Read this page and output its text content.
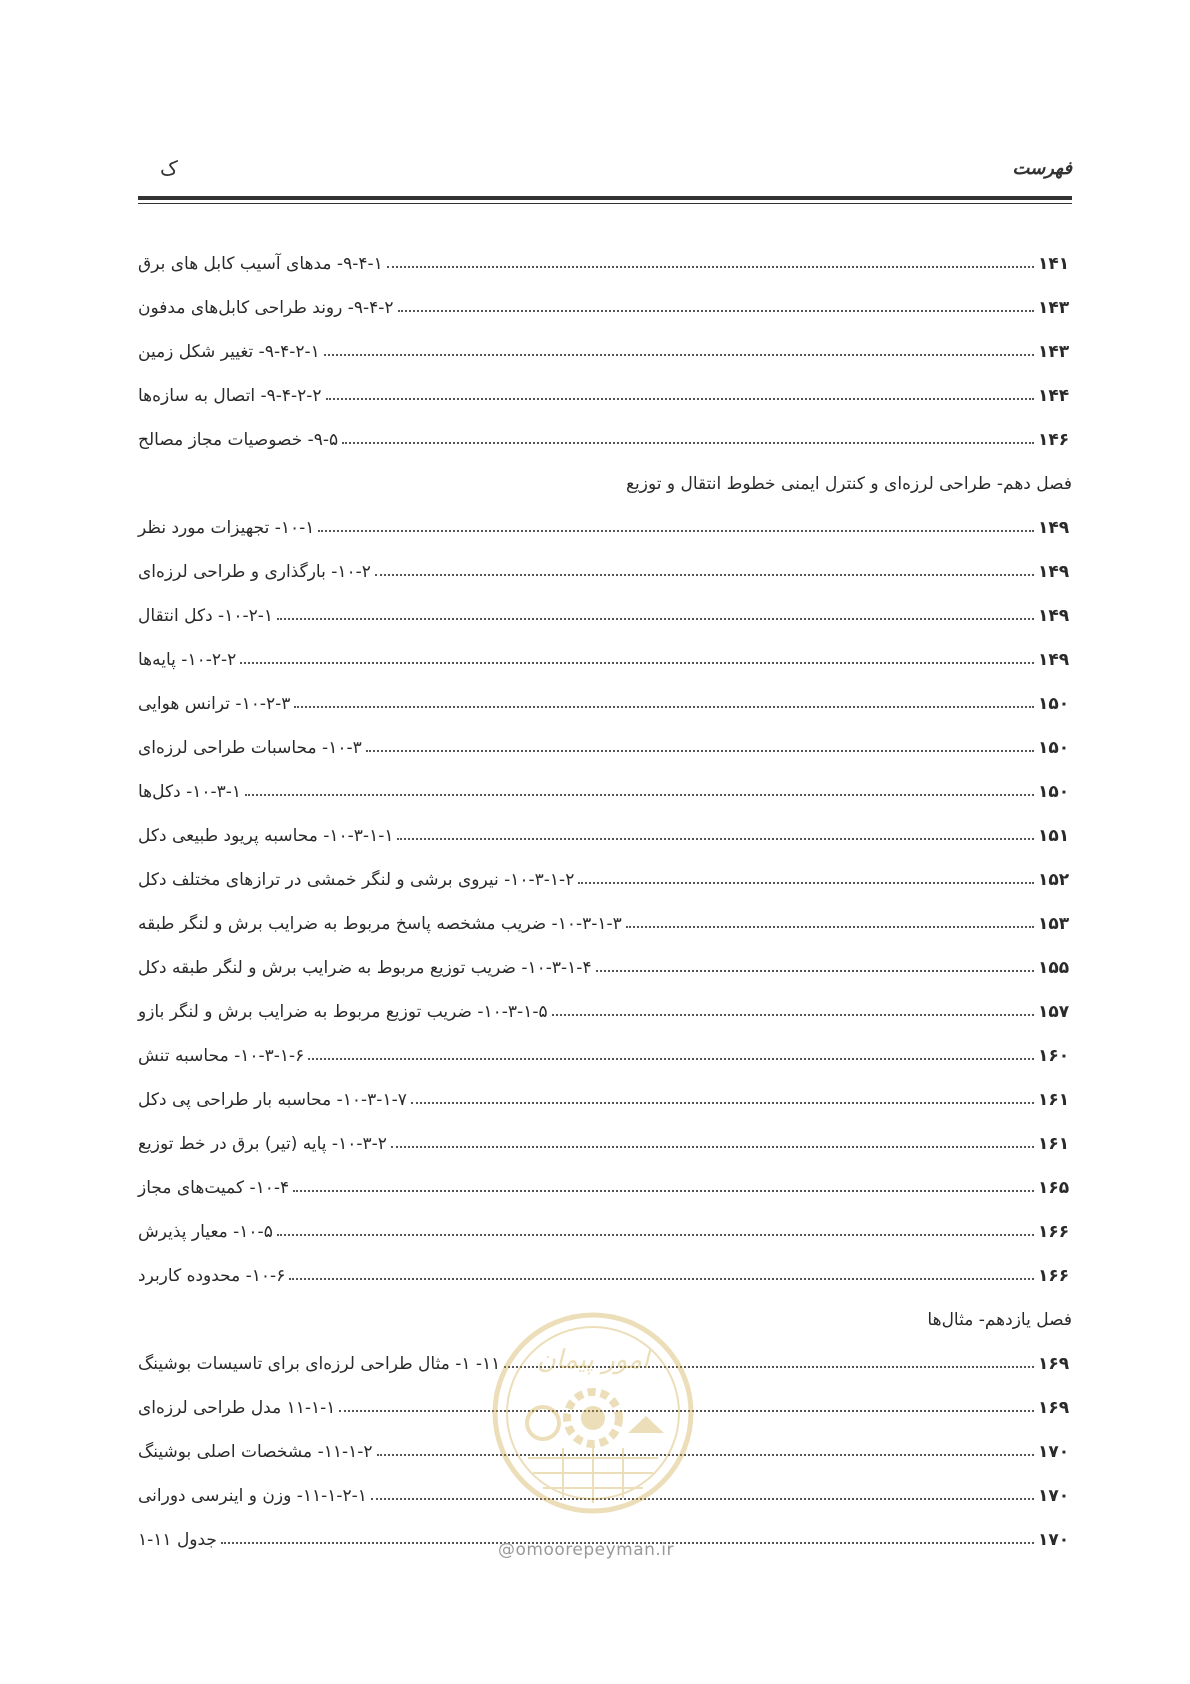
فهرست
ک
۹-۴-۱- مدهای آسیب کابل های برق	۱۴۱
۹-۴-۲- روند طراحی کابل‌های مدفون	۱۴۳
۹-۴-۲-۱- تغییر شکل زمین	۱۴۳
۹-۴-۲-۲- اتصال به سازه‌ها	۱۴۴
۹-۵- خصوصیات مجاز مصالح	۱۴۶
فصل دهم- طراحی لرزه‌ای و کنترل ایمنی خطوط انتقال و توزیع
۱۰-۱- تجهیزات مورد نظر	۱۴۹
۱۰-۲- بارگذاری و طراحی لرزه‌ای	۱۴۹
۱۰-۲-۱- دکل انتقال	۱۴۹
۱۰-۲-۲- پایه‌ها	۱۴۹
۱۰-۲-۳- ترانس هوایی	۱۵۰
۱۰-۳- محاسبات طراحی لرزه‌ای	۱۵۰
۱۰-۳-۱- دکل‌ها	۱۵۰
۱۰-۳-۱-۱- محاسبه پریود طبیعی دکل	۱۵۱
۱۰-۳-۱-۲- نیروی برشی و لنگر خمشی در ترازهای مختلف دکل	۱۵۲
۱۰-۳-۱-۳- ضریب مشخصه پاسخ مربوط به ضرایب برش و لنگر طبقه	۱۵۳
۱۰-۳-۱-۴- ضریب توزیع مربوط به ضرایب برش و لنگر طبقه دکل	۱۵۵
۱۰-۳-۱-۵- ضریب توزیع مربوط به ضرایب برش و لنگر بازو	۱۵۷
۱۰-۳-۱-۶- محاسبه تنش	۱۶۰
۱۰-۳-۱-۷- محاسبه بار طراحی پی دکل	۱۶۱
۱۰-۳-۲- پایه (تیر) برق در خط توزیع	۱۶۱
۱۰-۴- کمیت‌های مجاز	۱۶۵
۱۰-۵- معیار پذیرش	۱۶۶
۱۰-۶- محدوده کاربرد	۱۶۶
فصل یازدهم- مثال‌ها
۱۱- ۱- مثال طراحی لرزه‌ای برای تاسیسات بوشینگ	۱۶۹
۱۱-۱-۱ مدل طراحی لرزه‌ای	۱۶۹
۱۱-۱-۲- مشخصات اصلی بوشینگ	۱۷۰
۱۱-۱-۲-۱- وزن و اینرسی دورانی	۱۷۰
جدول ۱۱-۱	۱۷۰
امور پیمان
@omoorepeyman.ir
